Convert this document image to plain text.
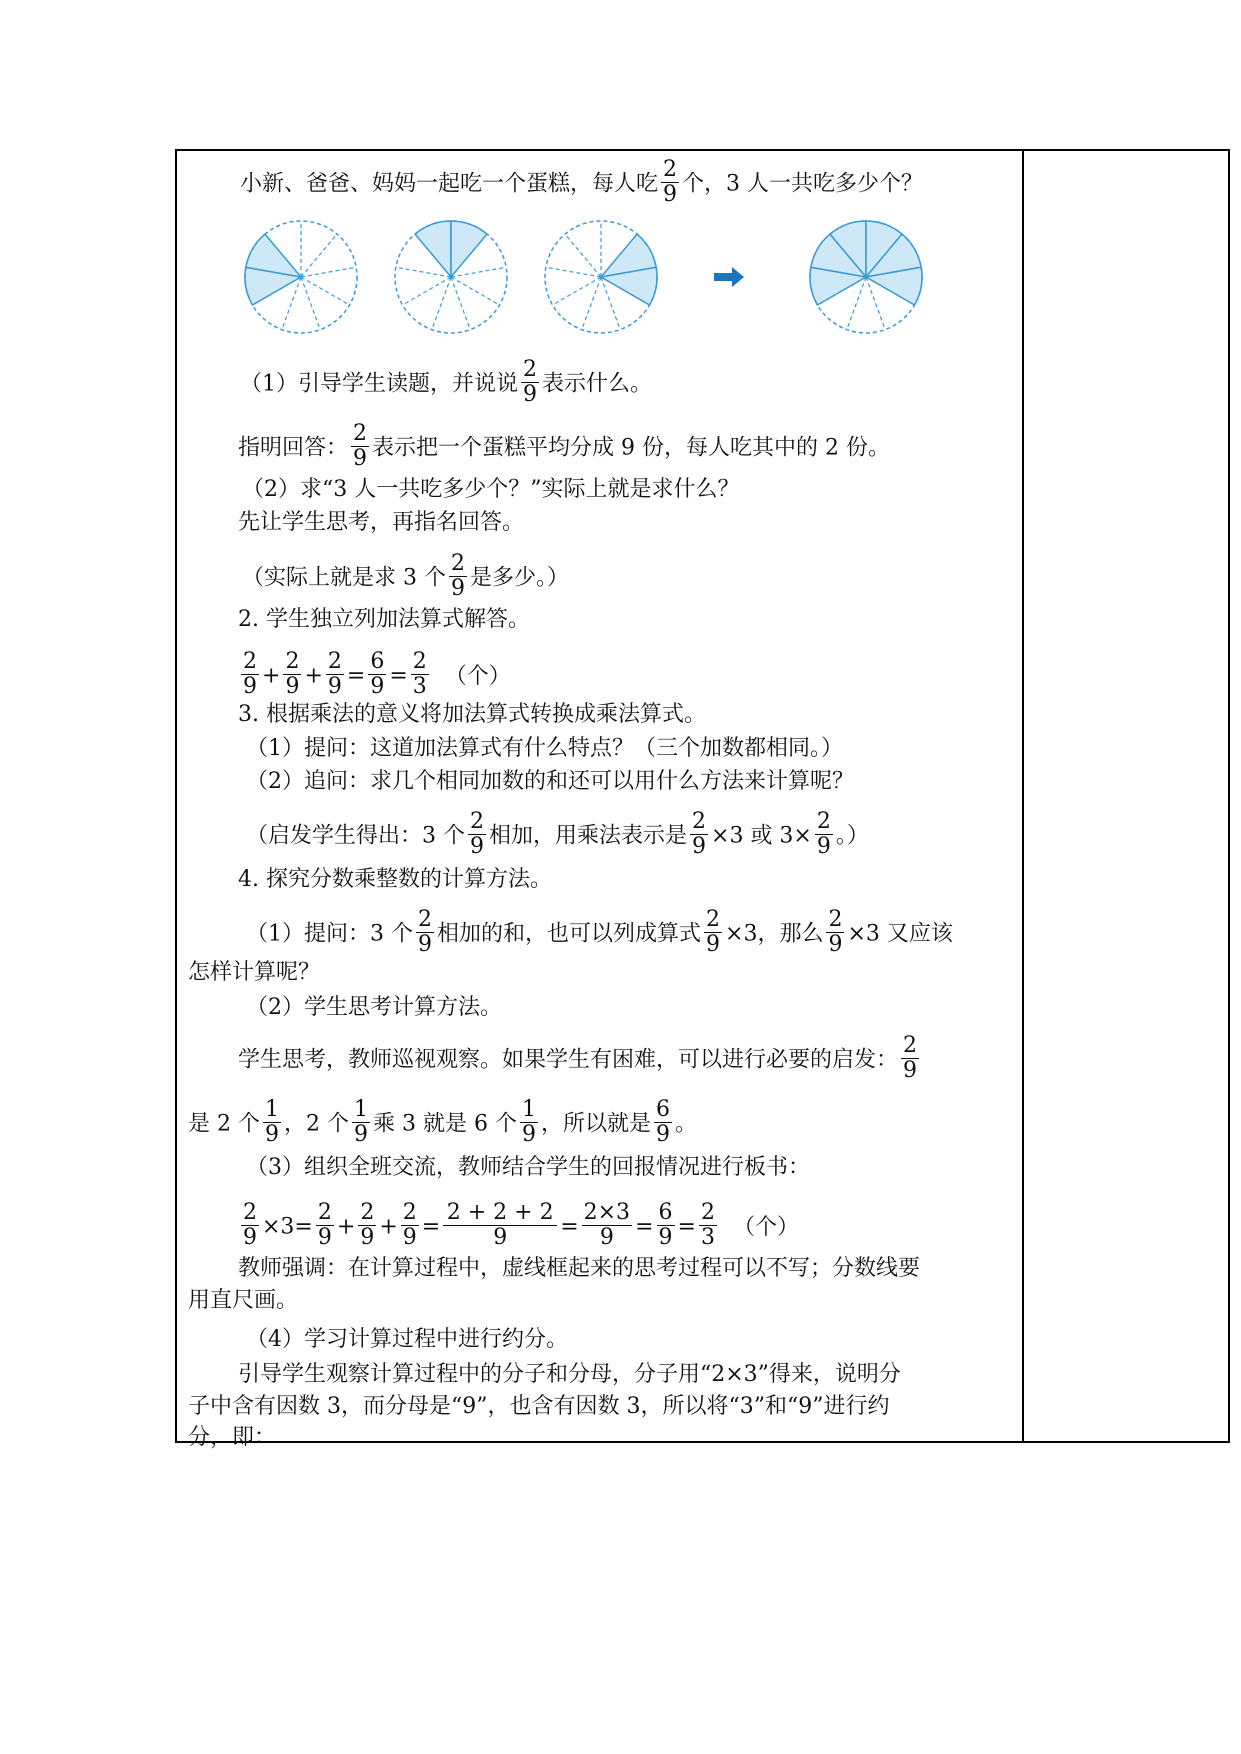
小新、爸爸、妈妈一起吃一个蛋糕，每人吃 $\frac{2}{9}$ 个，3 人一共吃多少个？
（1）引导学生读题，并说说 $\frac{2}{9}$ 表示什么。
指明回答： $\frac{2}{9}$ 表示把一个蛋糕平均分成 9 份，每人吃其中的 2 份。
（2）求“3 人一共吃多少个？”实际上就是求什么？
先让学生思考，再指名回答。
（实际上就是求 3 个 $\frac{2}{9}$ 是多少。）
2. 学生独立列加法算式解答。
$\frac{2}{9} + \frac{2}{9} + \frac{2}{9} = \frac{6}{9} = \frac{2}{3}$ （个）
3. 根据乘法的意义将加法算式转换成乘法算式。
（1）提问：这道加法算式有什么特点？（三个加数都相同。）
（2）追问：求几个相同加数的和还可以用什么方法来计算呢？
（启发学生得出：3 个 $\frac{2}{9}$ 相加，用乘法表示是 $\frac{2}{9} \times 3$ 或 $3\times \frac{2}{9}$ 。）
4. 探究分数乘整数的计算方法。
（1）提问：3 个 $\frac{2}{9}$ 相加的和，也可以列成算式 $\frac{2}{9} \times 3$，那么 $\frac{2}{9} \times 3$ 又应该
怎样计算呢？
（2）学生思考计算方法。
学生思考，教师巡视观察。如果学生有困难，可以进行必要的启发： $\frac{2}{9}$
是 2 个 $\frac{1}{9}$ ，2 个 $\frac{1}{9}$ 乘 3 就是 6 个 $\frac{1}{9}$ ，所以就是 $\frac{6}{9}$ 。
（3）组织全班交流，教师结合学生的回报情况进行板书：
$\frac{2}{9} \times 3= \frac{2}{9} + \frac{2}{9} + \frac{2}{9} = \frac{2 + 2 + 2}{9} = \frac{2\times 3}{9} = \frac{6}{9} = \frac{2}{3}$ （个）
教师强调：在计算过程中，虚线框起来的思考过程可以不写；分数线要
用直尺画。
（4）学习计算过程中进行约分。
引导学生观察计算过程中的分子和分母，分子用“2×3”得来，说明分
子中含有因数 3，而分母是“9”，也含有因数 3，所以将“3”和“9”进行约
分，即：
